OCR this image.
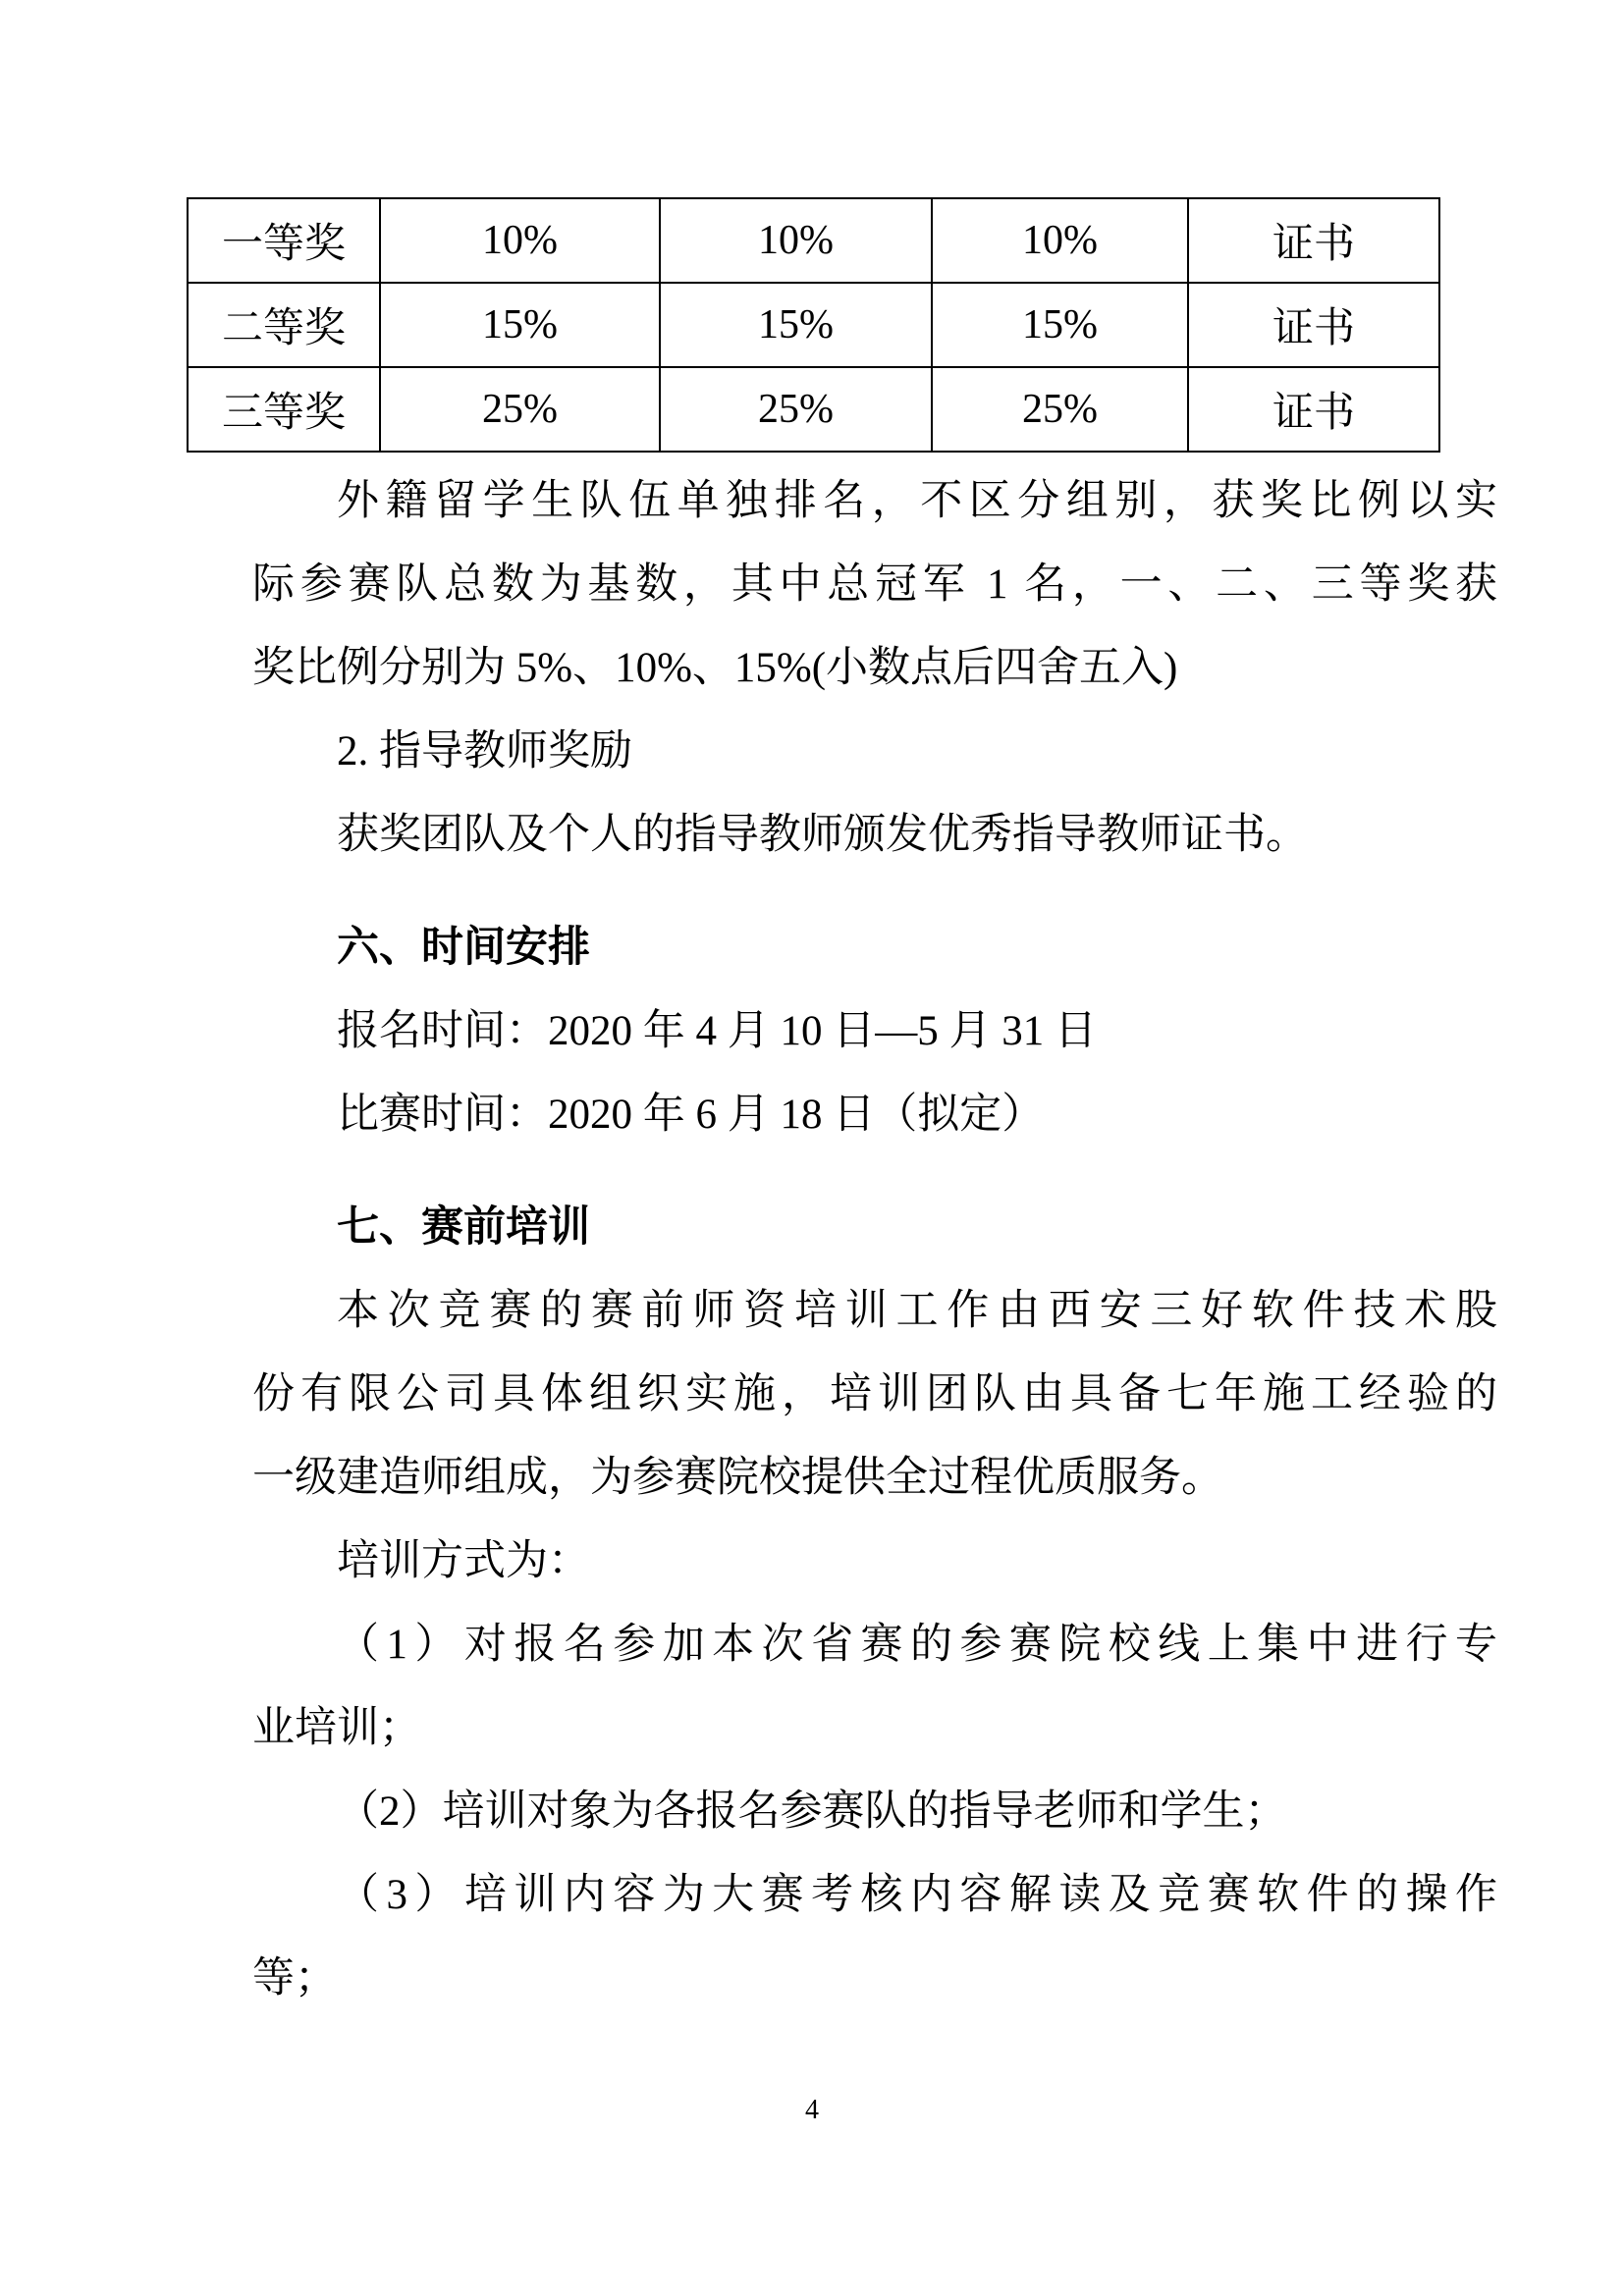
一等奖	10%	10%	10%	证书
二等奖	15%	15%	15%	证书
三等奖	25%	25%	25%	证书
外籍留学生队伍单独排名，不区分组别，获奖比例以实
际参赛队总数为基数，其中总冠军 1 名，一、二、三等奖获
奖比例分别为 5%、10%、15%(小数点后四舍五入)
2. 指导教师奖励
获奖团队及个人的指导教师颁发优秀指导教师证书。
六、时间安排
报名时间：2020 年 4 月 10 日—5 月 31 日
比赛时间：2020 年 6 月 18 日（拟定）
七、赛前培训
本次竞赛的赛前师资培训工作由西安三好软件技术股
份有限公司具体组织实施，培训团队由具备七年施工经验的
一级建造师组成，为参赛院校提供全过程优质服务。
培训方式为：
（1）对报名参加本次省赛的参赛院校线上集中进行专
业培训；
（2）培训对象为各报名参赛队的指导老师和学生；
（3）培训内容为大赛考核内容解读及竞赛软件的操作
等；
4
